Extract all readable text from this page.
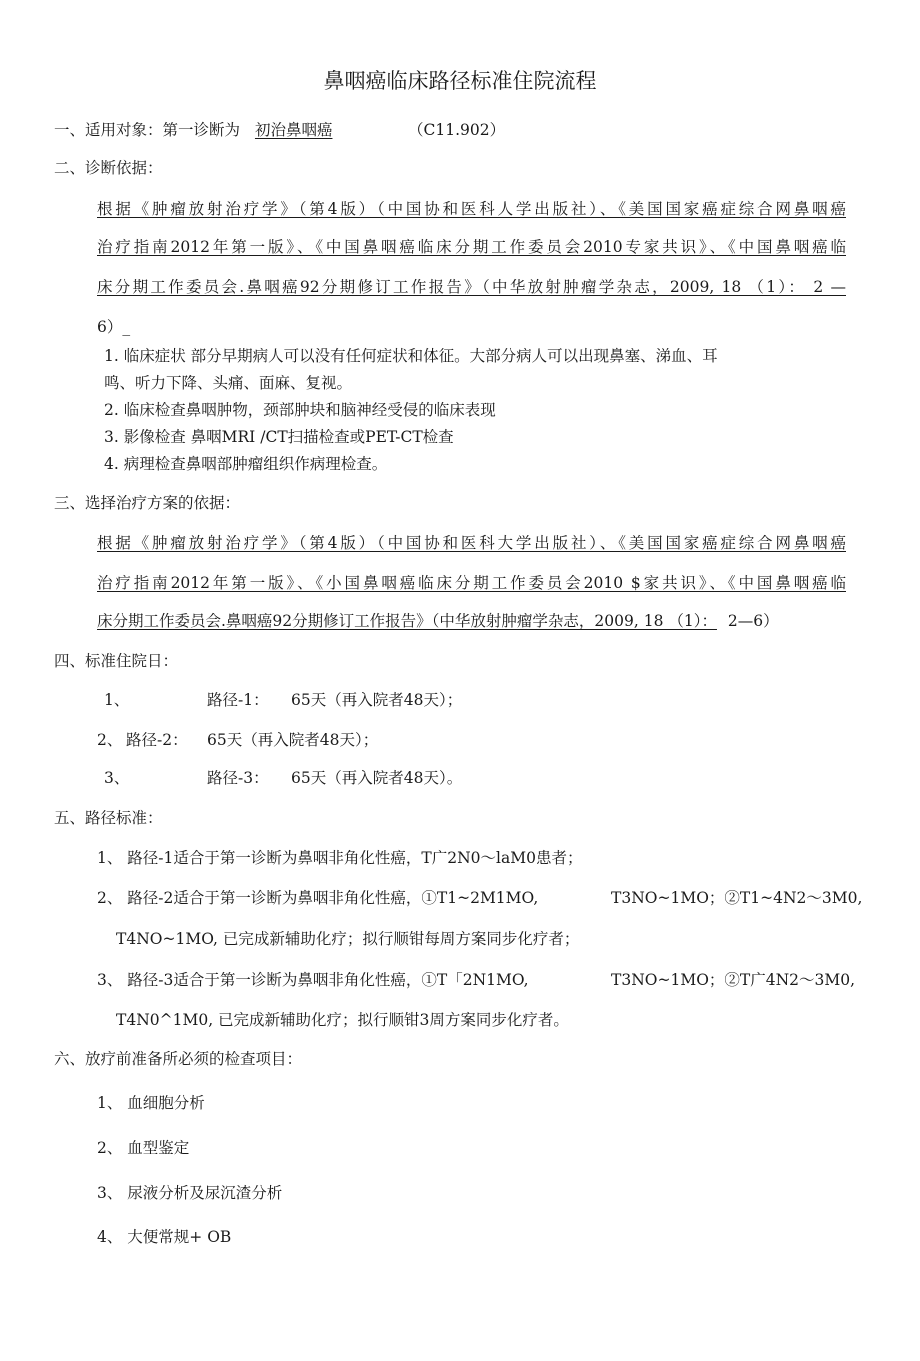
鼻咽癌临床路径标准住院流程
一、适用对象：第一诊断为 初治鼻咽癌	（C11.902）
二、诊断依据：
根据《肿瘤放射治疗学》（第4版）（中国协和医科人学出版社）、《美国国家癌症综合网鼻咽癌
治疗指南2012年第一版》、《中国鼻咽癌临床分期工作委员会2010专家共识》、《中国鼻咽癌临
床分期工作委员会.鼻咽癌92分期修订工作报告》（中华放射肿瘤学杂志，2009, 18 （1）： 2 —
6）_
1. 临床症状 部分早期病人可以没有任何症状和体征。大部分病人可以出现鼻塞、涕血、耳
鸣、听力下降、头痛、面麻、复视。
2. 临床检查鼻咽肿物，颈部肿块和脑神经受侵的临床表现
3. 影像检查 鼻咽MRI /CT扫描检查或PET-CT检查
4. 病理检查鼻咽部肿瘤组织作病理检查。
三、选择治疗方案的依据：
根据《肿瘤放射治疗学》（第4版）（中国协和医科大学出版社）、《美国国家癌症综合网鼻咽癌
治疗指南2012年第一版》、《小国鼻咽癌临床分期工作委员会2010 $家共识》、《中国鼻咽癌临
床分期工作委员会.鼻咽癌92分期修订工作报告》（中华放射肿瘤学杂志，2009, 18 （1）： 2—6）
四、标准住院日：
1、	路径-1： 65天（再入院者48天）；
2、 路径-2： 65天（再入院者48天）；
3、	路径-3： 65天（再入院者48天）。
五、路径标准：
1、 路径-1适合于第一诊断为鼻咽非角化性癌，T广2N0～laM0患者；
2、 路径-2适合于第一诊断为鼻咽非角化性癌，①T1~2M1MO,	T3NO~1MO；②T1~4N2～3M0,
T4NO~1MO, 已完成新辅助化疗；拟行顺钳每周方案同步化疗者；
3、 路径-3适合于第一诊断为鼻咽非角化性癌，①T「2N1MO,	T3NO~1MO；②T广4N2～3M0,
T4N0^1M0, 已完成新辅助化疗；拟行顺钳3周方案同步化疗者。
六、放疗前准备所必须的检查项目：
1、 血细胞分析
2、 血型鉴定
3、 尿液分析及尿沉渣分析
4、 大便常规+ OB
